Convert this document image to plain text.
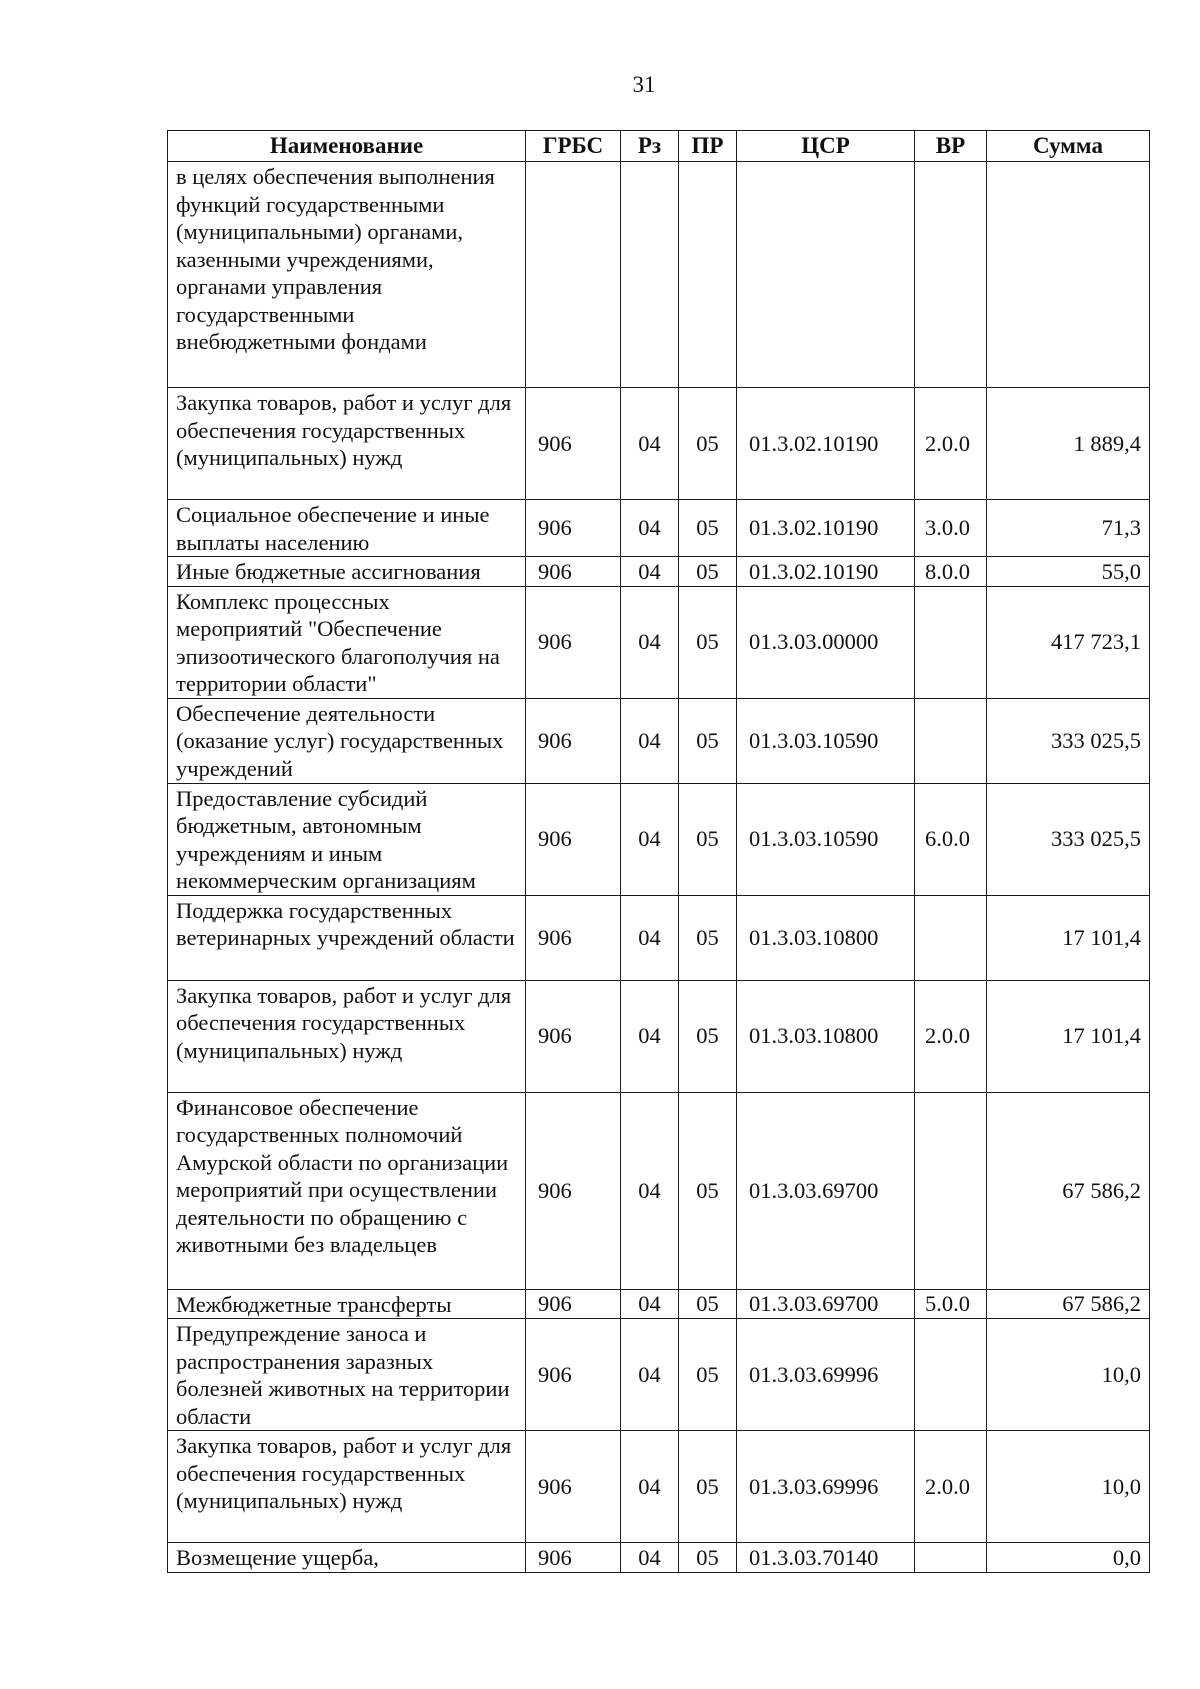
31
Наименование	ГРБС	Рз	ПР	ЦСР	ВР	Сумма
в целях обеспечения выполнения функций государственными (муниципальными) органами, казенными учреждениями, органами управления государственными внебюджетными фондами						
Закупка товаров, работ и услуг для обеспечения государственных (муниципальных) нужд	906	04	05	01.3.02.10190	2.0.0	1 889,4
Социальное обеспечение и иные выплаты населению	906	04	05	01.3.02.10190	3.0.0	71,3
Иные бюджетные ассигнования	906	04	05	01.3.02.10190	8.0.0	55,0
Комплекс процессных мероприятий "Обеспечение эпизоотического благополучия на территории области"	906	04	05	01.3.03.00000		417 723,1
Обеспечение деятельности (оказание услуг) государственных учреждений	906	04	05	01.3.03.10590		333 025,5
Предоставление субсидий бюджетным, автономным учреждениям и иным некоммерческим организациям	906	04	05	01.3.03.10590	6.0.0	333 025,5
Поддержка государственных ветеринарных учреждений области	906	04	05	01.3.03.10800		17 101,4
Закупка товаров, работ и услуг для обеспечения государственных (муниципальных) нужд	906	04	05	01.3.03.10800	2.0.0	17 101,4
Финансовое обеспечение государственных полномочий Амурской области по организации мероприятий при осуществлении деятельности по обращению с животными без владельцев	906	04	05	01.3.03.69700		67 586,2
Межбюджетные трансферты	906	04	05	01.3.03.69700	5.0.0	67 586,2
Предупреждение заноса и распространения заразных болезней животных на территории области	906	04	05	01.3.03.69996		10,0
Закупка товаров, работ и услуг для обеспечения государственных (муниципальных) нужд	906	04	05	01.3.03.69996	2.0.0	10,0
Возмещение ущерба,	906	04	05	01.3.03.70140		0,0
